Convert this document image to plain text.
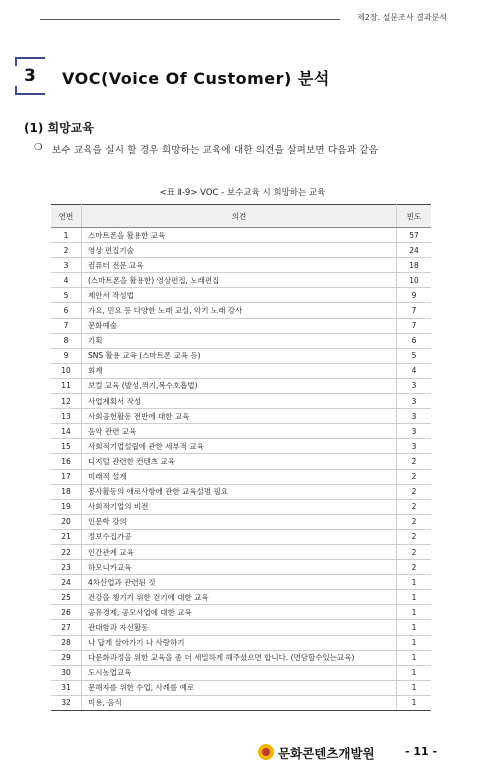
제2장. 설문조사 결과분석
3 VOC(Voice Of Customer) 분석
(1) 희망교육
❍ 보수 교육을 실시 할 경우 희망하는 교육에 대한 의견을 살펴보면 다음과 같음
<표 Ⅱ-9> VOC - 보수교육 시 희망하는 교육
연번	의견	빈도
1	스마트폰을 활용한 교육	57
2	영상 편집기술	24
3	컴퓨터 전문 교육	18
4	(스마트폰을 활용한) 영상편집, 노래편집	10
5	제안서 작성법	9
6	가요, 민요 등 다양한 노래 교실, 악기 노래 강사	7
7	문화예술	7
8	기획	6
9	SNS 활용 교육 (스마트폰 교육 등)	5
10	회계	4
11	보컬 교육 (발성,꺽기,복수호흡법)	3
12	사업계획서 작성	3
13	사회공헌활동 전반에 대한 교육	3
14	음악 관련 교육	3
15	사회적기업설립에 관한 세부적 교육	3
16	디지털 관련한 컨텐츠 교육	2
17	미래적 설계	2
18	봉사활동의 애로사항에 관한 교육설명 필요	2
19	사회적기업의 비전	2
20	인문학 강의	2
21	정보수집가공	2
22	인간관계 교육	2
23	하모니카교육	2
24	4차산업과 관련된 것	1
25	건강을 챙기기 위한 걷기에 대한 교육	1
26	공유경제, 공모사업에 대한 교육	1
27	관대함과 자선활동	1
28	나 답게 살아가기 나 사랑하기	1
29	다문화과정을 위한 교육을 좀 더 세밀하게 해주셨으면 합니다. (면담할수있는교육)	1
30	도시농업교육	1
31	문해자를 위한 수업, 사례를 예로	1
32	미용, 음식	1
문화콘텐츠개발원	- 11 -
